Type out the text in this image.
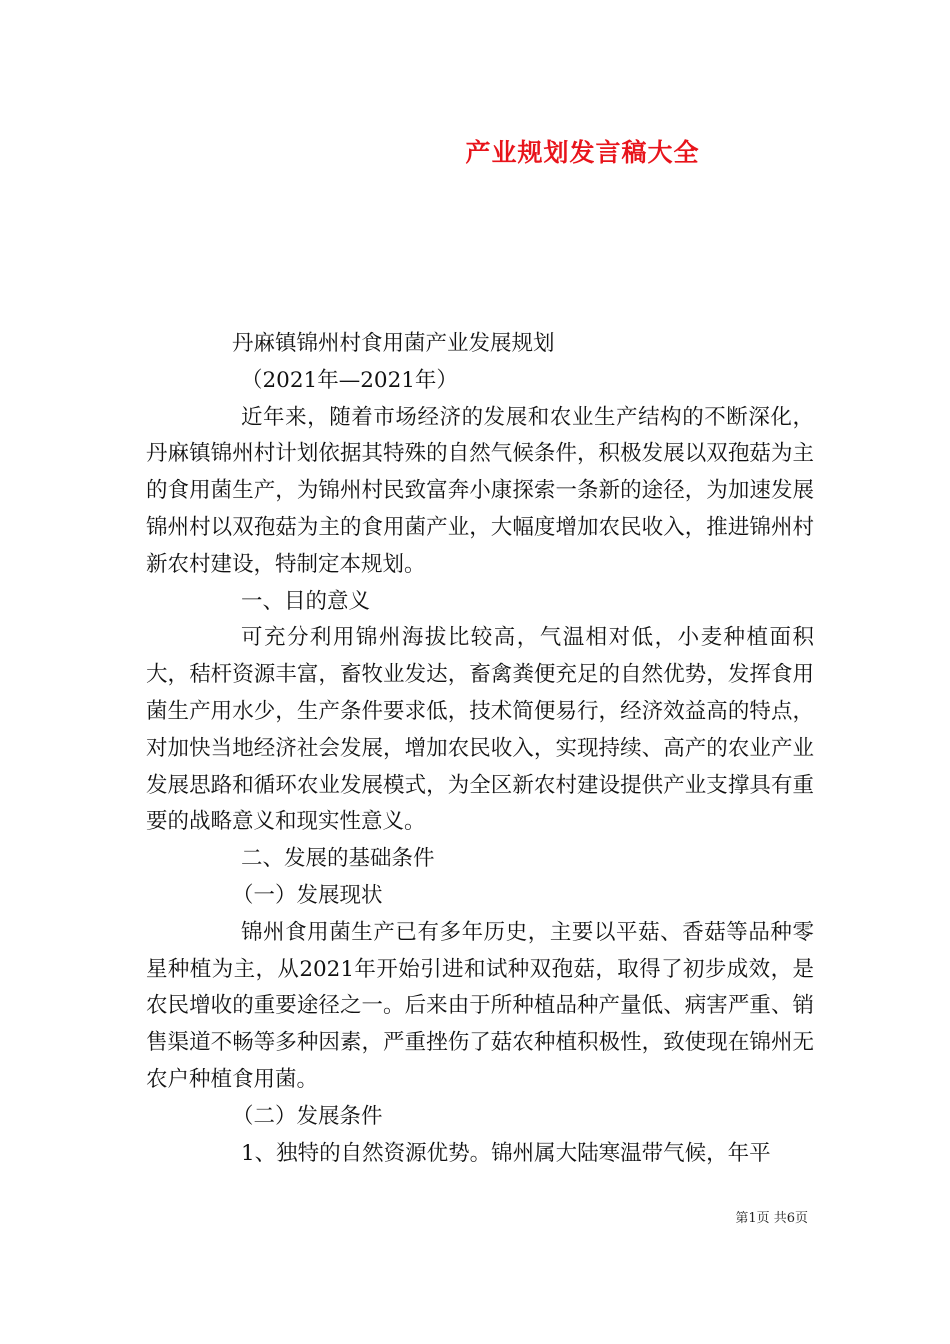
产业规划发言稿大全

丹麻镇锦州村食用菌产业发展规划

（2021年—2021年）

近年来，随着市场经济的发展和农业生产结构的不断深化，丹麻镇锦州村计划依据其特殊的自然气候条件，积极发展以双孢菇为主的食用菌生产，为锦州村民致富奔小康探索一条新的途径，为加速发展锦州村以双孢菇为主的食用菌产业，大幅度增加农民收入，推进锦州村新农村建设，特制定本规划。

一、目的意义

可充分利用锦州海拔比较高，气温相对低，小麦种植面积大，秸杆资源丰富，畜牧业发达，畜禽粪便充足的自然优势，发挥食用菌生产用水少，生产条件要求低，技术简便易行，经济效益高的特点，对加快当地经济社会发展，增加农民收入，实现持续、高产的农业产业发展思路和循环农业发展模式，为全区新农村建设提供产业支撑具有重要的战略意义和现实性意义。

二、发展的基础条件

（一）发展现状

锦州食用菌生产已有多年历史，主要以平菇、香菇等品种零星种植为主，从2021年开始引进和试种双孢菇，取得了初步成效，是农民增收的重要途径之一。后来由于所种植品种产量低、病害严重、销售渠道不畅等多种因素，严重挫伤了菇农种植积极性，致使现在锦州无农户种植食用菌。

（二）发展条件

1、独特的自然资源优势。锦州属大陆寒温带气候，年平

第1页 共6页
